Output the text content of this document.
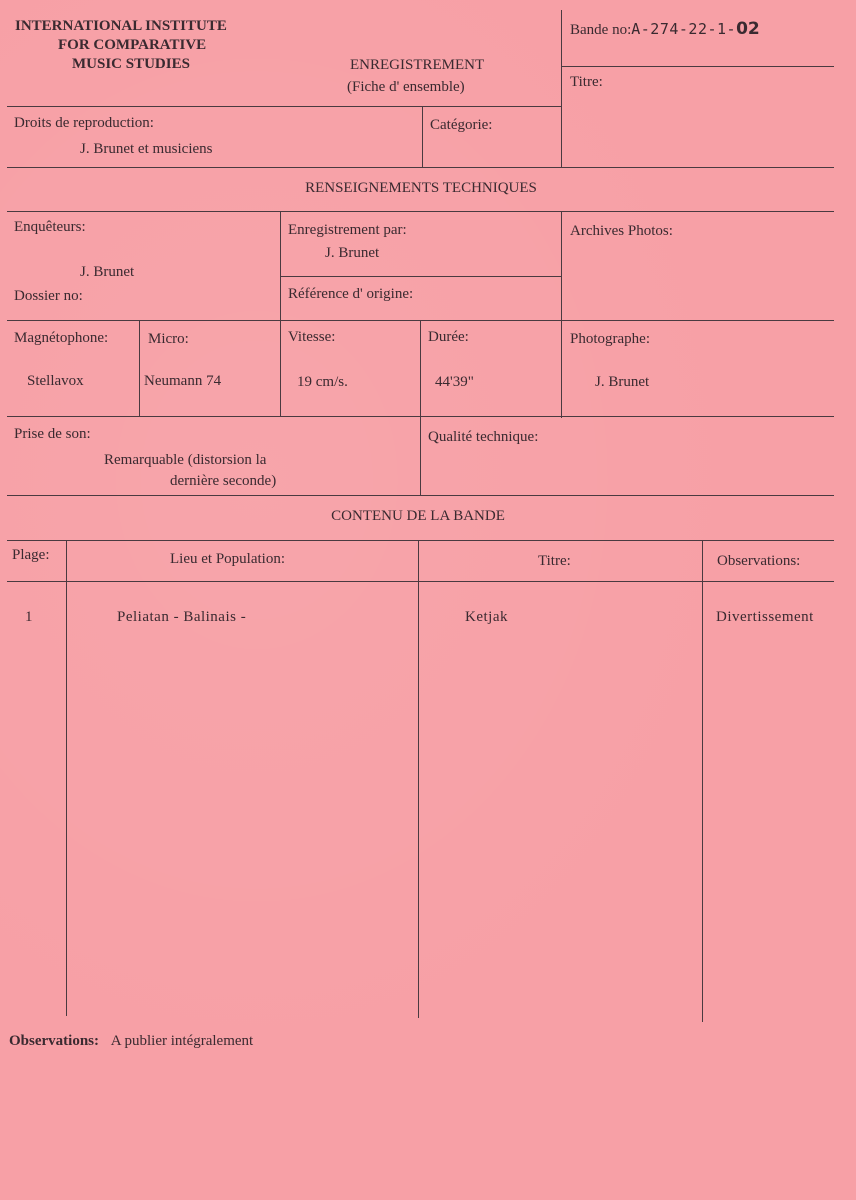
INTERNATIONAL INSTITUTE
FOR COMPARATIVE
MUSIC STUDIES	ENREGISTREMENT
(Fiche d' ensemble)
Bande no:A-274-22-1-02
Titre:
Droits de reproduction:
J. Brunet et musiciens
Catégorie:
RENSEIGNEMENTS TECHNIQUES
Enquêteurs:
J. Brunet
Dossier no:
Enregistrement par:
J. Brunet
Référence d' origine:
Archives Photos:
Magnétophone:
Stellavox
Micro:
Neumann 74
Vitesse:
19 cm/s.
Durée:
44'39"
Photographe:
J. Brunet
Prise de son:
Remarquable (distorsion la
dernière seconde)
Qualité technique:
CONTENU DE LA BANDE
Plage:	Lieu et Population:	Titre:	Observations:
1	Peliatan - Balinais -	Ketjak	Divertissement
Observations: A publier intégralement
